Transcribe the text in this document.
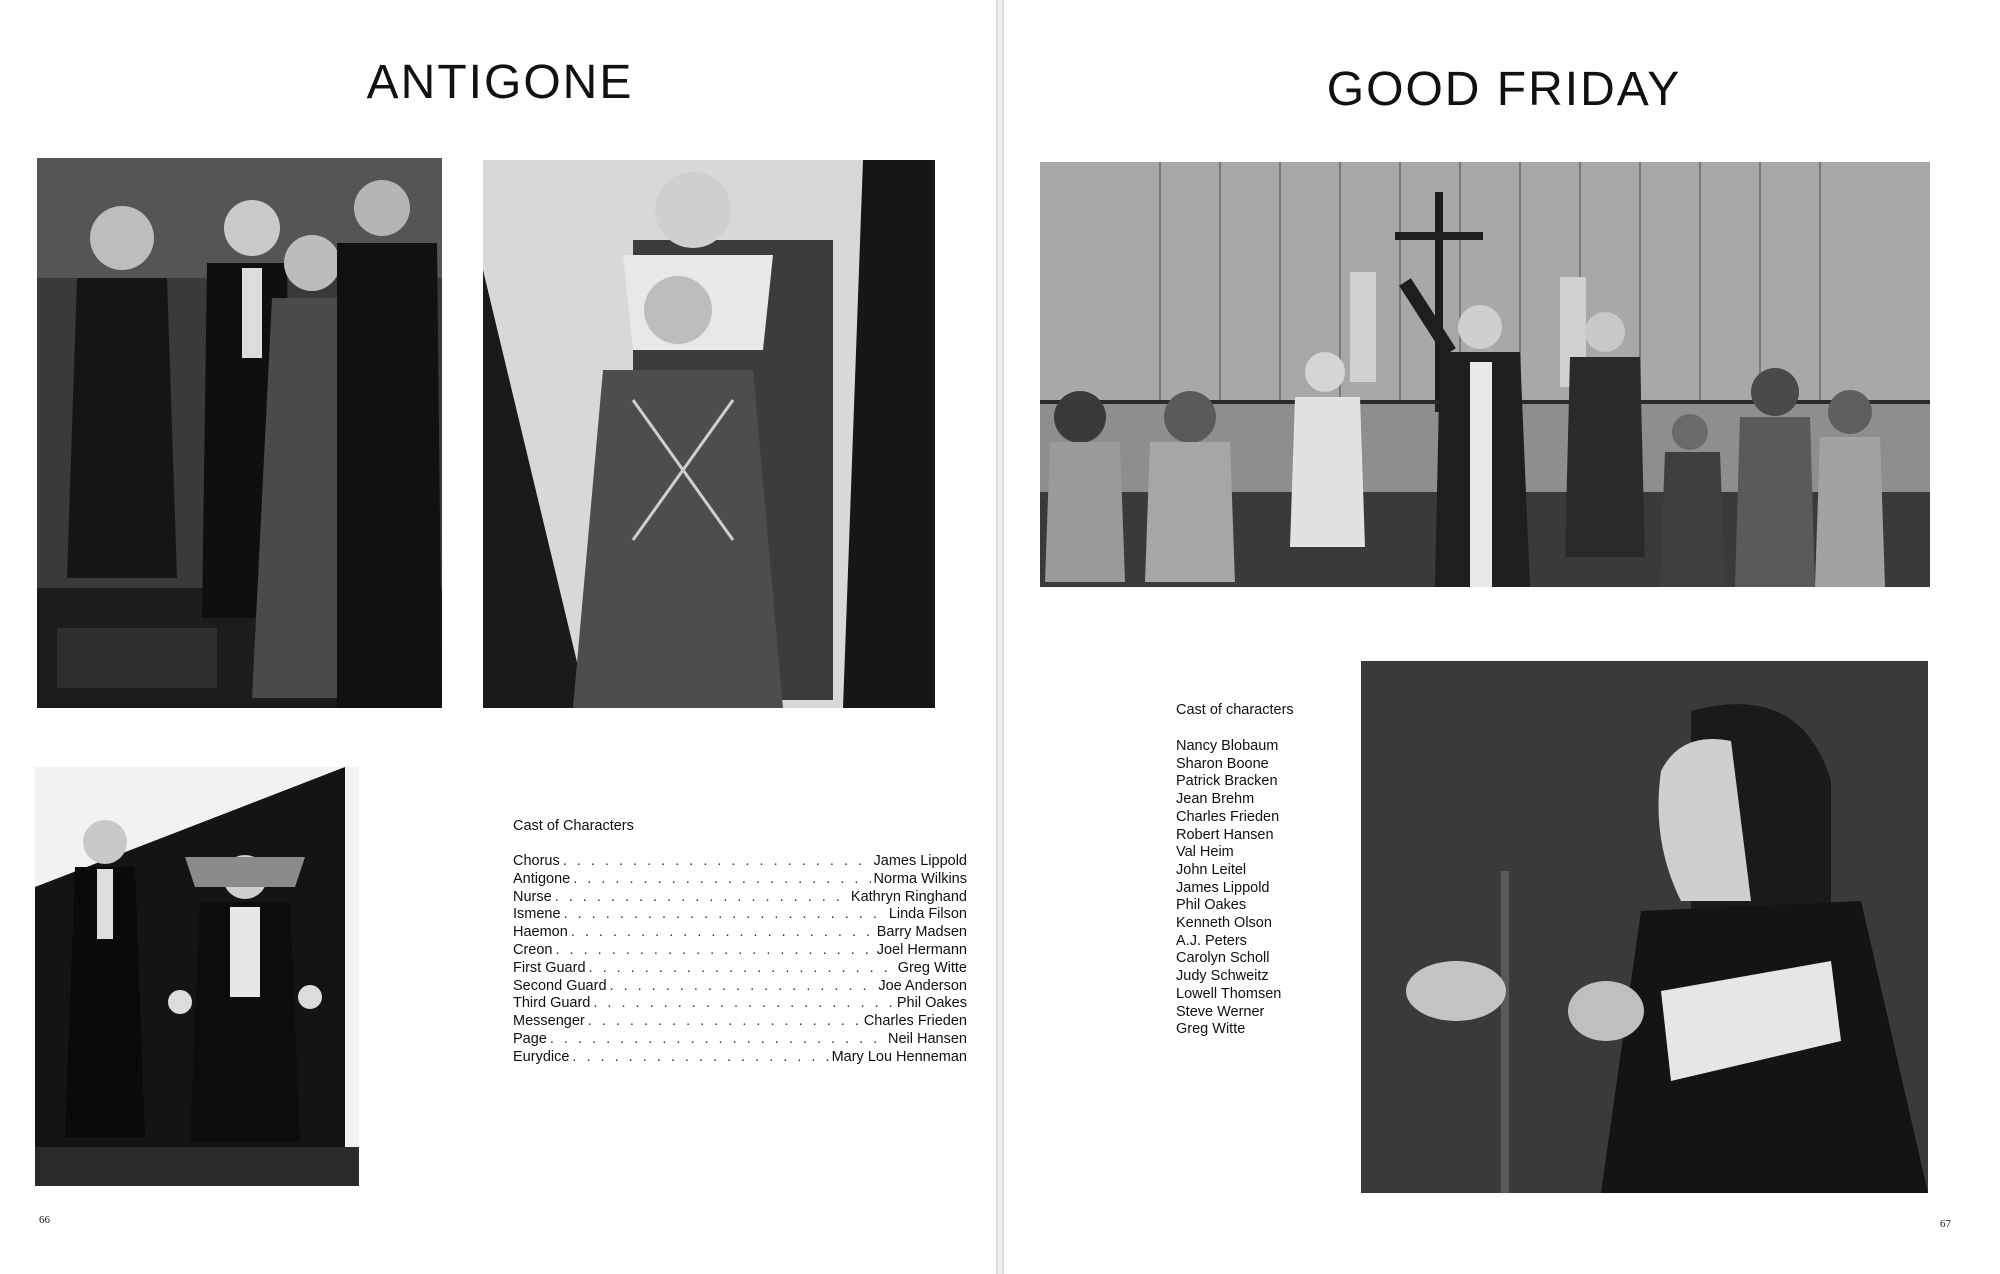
ANTIGONE
Cast of Characters
Chorus . . .	James Lippold
Antigone . . .	Norma Wilkins
Nurse . . .	Kathryn Ringhand
Ismene . . .	Linda Filson
Haemon . . .	Barry Madsen
Creon . . .	Joel Hermann
First Guard . . .	Greg Witte
Second Guard . . .	Joe Anderson
Third Guard . . .	Phil Oakes
Messenger . . .	Charles Frieden
Page . . .	Neil Hansen
Eurydice . . .	Mary Lou Henneman
66
GOOD FRIDAY
Cast of characters
Nancy Blobaum
Sharon Boone
Patrick Bracken
Jean Brehm
Charles Frieden
Robert Hansen
Val Heim
John Leitel
James Lippold
Phil Oakes
Kenneth Olson
A.J. Peters
Carolyn Scholl
Judy Schweitz
Lowell Thomsen
Steve Werner
Greg Witte
67
